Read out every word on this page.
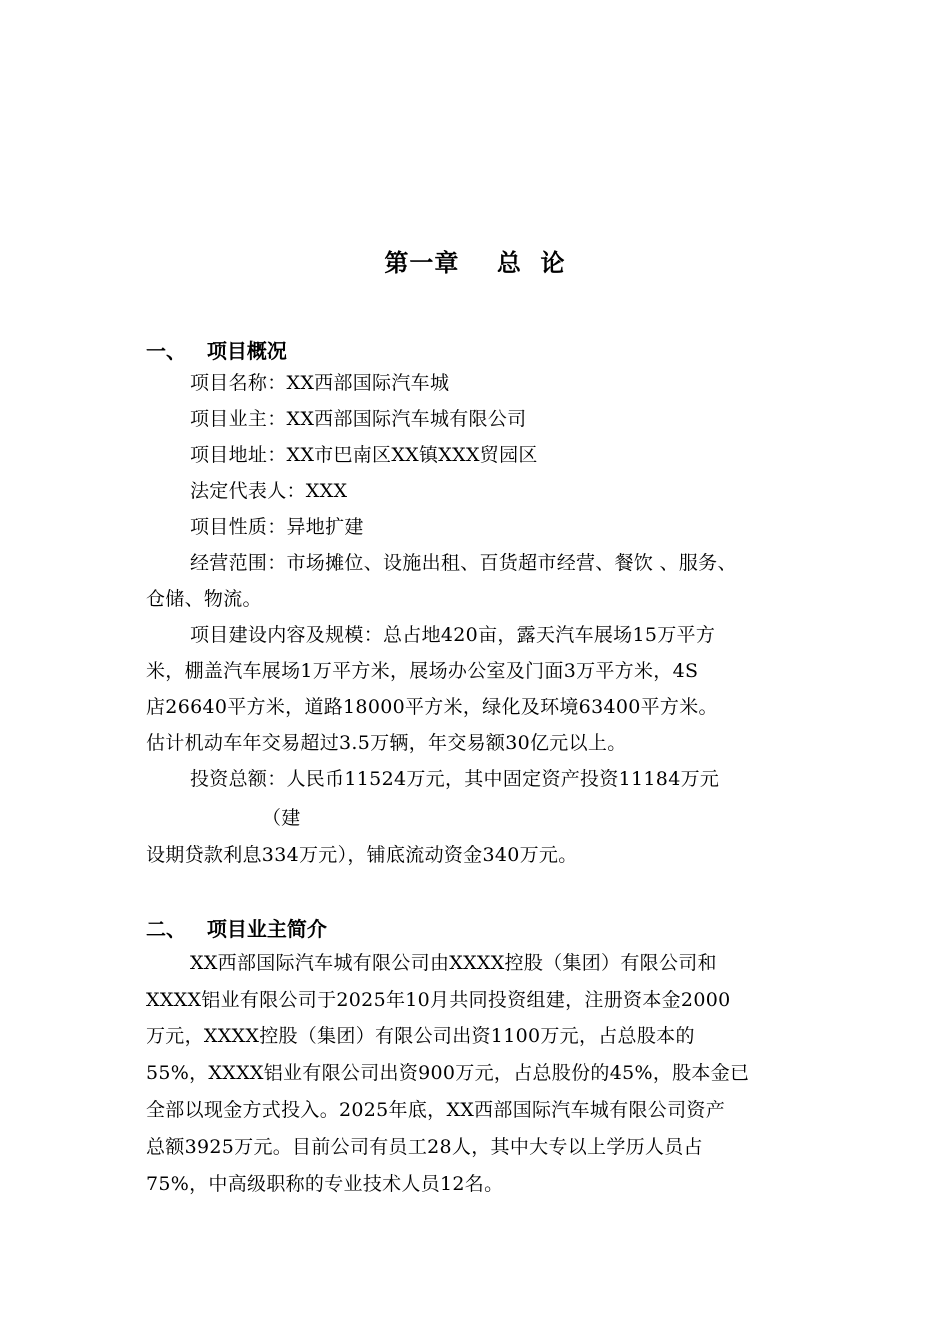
第一章    总  论
一、   项目概况
项目名称：XX西部国际汽车城
项目业主：XX西部国际汽车城有限公司
项目地址：XX市巴南区XX镇XXX贸园区
法定代表人：XXX
项目性质：异地扩建
经营范围：市场摊位、设施出租、百货超市经营、餐饮 、服务、
仓储、物流。
项目建设内容及规模：总占地420亩，露天汽车展场15万平方
米，棚盖汽车展场1万平方米，展场办公室及门面3万平方米，4S
店26640平方米，道路18000平方米，绿化及环境63400平方米。
估计机动车年交易超过3.5万辆，年交易额30亿元以上。
投资总额：人民币11524万元，其中固定资产投资11184万元
（建
设期贷款利息334万元），铺底流动资金340万元。
二、   项目业主简介
XX西部国际汽车城有限公司由XXXX控股（集团）有限公司和
XXXX铝业有限公司于2025年10月共同投资组建，注册资本金2000
万元，XXXX控股（集团）有限公司出资1100万元，占总股本的
55%，XXXX铝业有限公司出资900万元，占总股份的45%，股本金已
全部以现金方式投入。2025年底，XX西部国际汽车城有限公司资产
总额3925万元。目前公司有员工28人，其中大专以上学历人员占
75%，中高级职称的专业技术人员12名。
